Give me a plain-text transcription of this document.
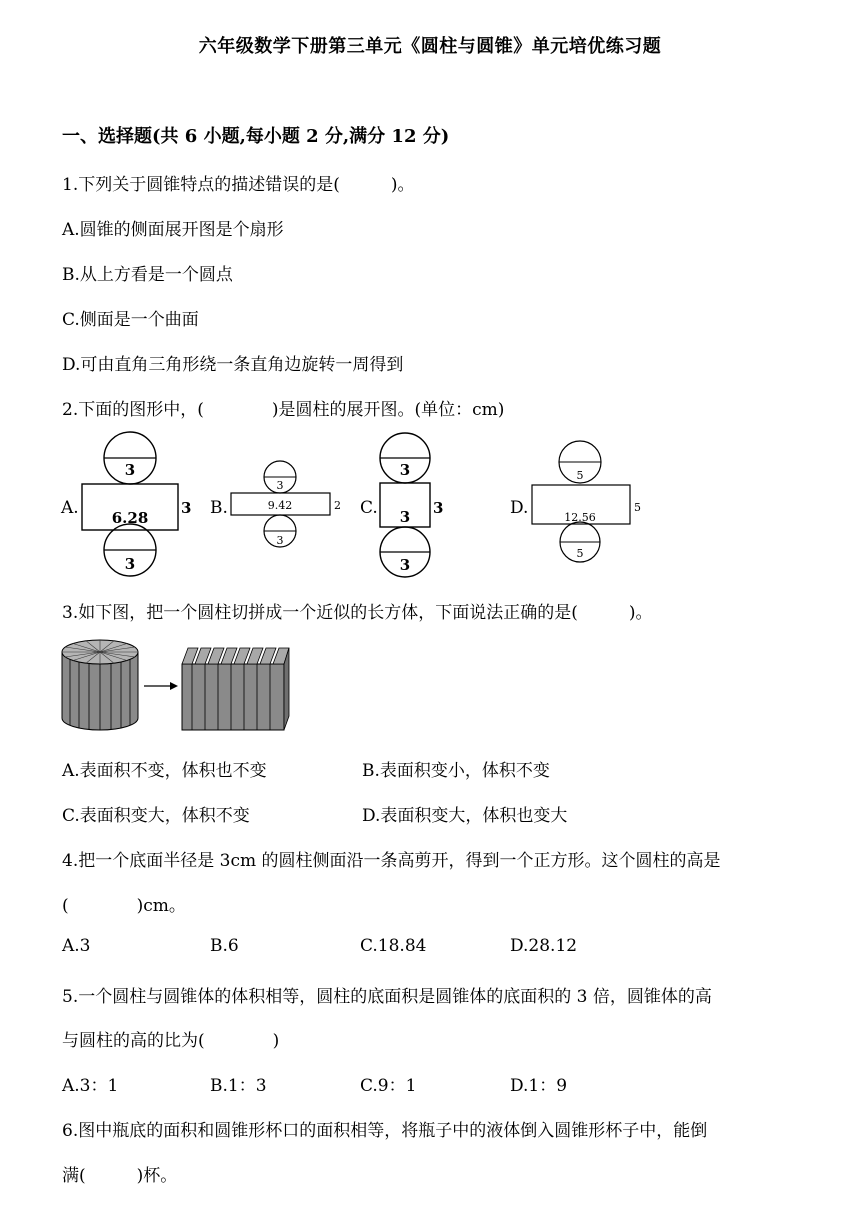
六年级数学下册第三单元《圆柱与圆锥》单元培优练习题
一、选择题(共 6 小题,每小题 2 分,满分 12 分)
1.下列关于圆锥特点的描述错误的是(　　　)。
A.圆锥的侧面展开图是个扇形
B.从上方看是一个圆点
C.侧面是一个曲面
D.可由直角三角形绕一条直角边旋转一周得到
2.下面的图形中，(　　　　)是圆柱的展开图。(单位：cm)
A.
3
6.28
3
3
B.
3
9.42	2
3
C.
3
3 3
3
D.
5
12.56
5
5
3.如下图，把一个圆柱切拼成一个近似的长方体，下面说法正确的是(　　　)。
A.表面积不变，体积也不变	B.表面积变小，体积不变
C.表面积变大，体积不变	D.表面积变大，体积也变大
4.把一个底面半径是 3cm 的圆柱侧面沿一条高剪开，得到一个正方形。这个圆柱的高是
(　　　　)cm。
A.3	B.6	C.18.84	D.28.12
5.一个圆柱与圆锥体的体积相等，圆柱的底面积是圆锥体的底面积的 3 倍，圆锥体的高
与圆柱的高的比为(　　　　)
A.3：1	B.1：3	C.9：1	D.1：9
6.图中瓶底的面积和圆锥形杯口的面积相等，将瓶子中的液体倒入圆锥形杯子中，能倒
满(　　　)杯。
